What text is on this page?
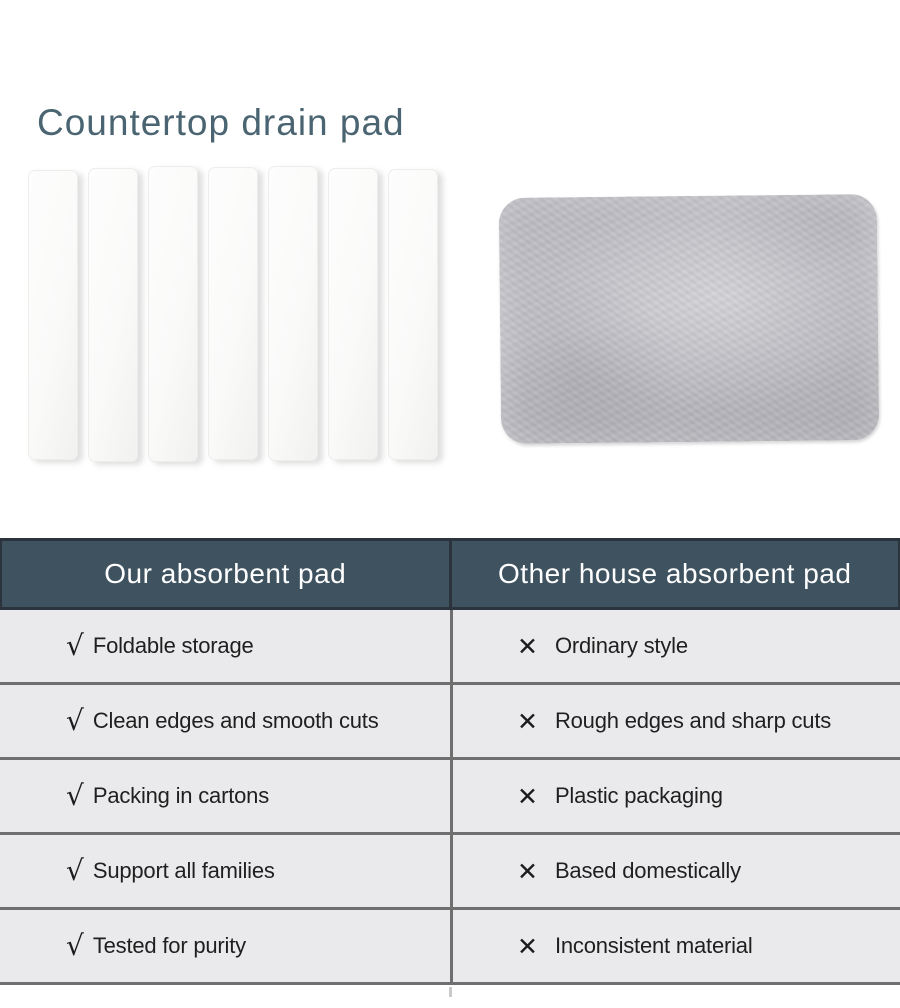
Countertop drain pad
Our absorbent pad	Other house absorbent pad
√ Foldable storage	✕ Ordinary style
√ Clean edges and smooth cuts	✕ Rough edges and sharp cuts
√ Packing in cartons	✕ Plastic packaging
√ Support all families	✕ Based domestically
√ Tested for purity	✕ Inconsistent material
